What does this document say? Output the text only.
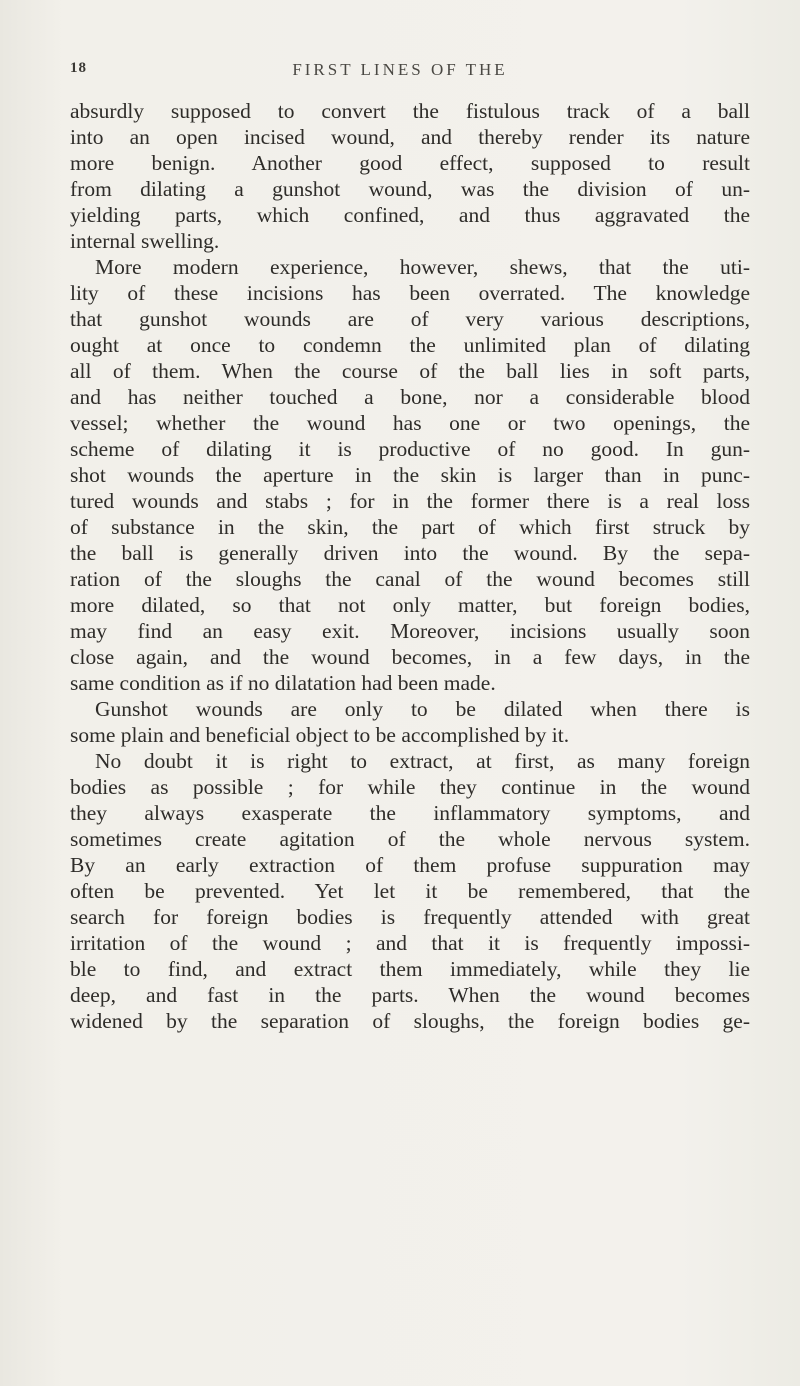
18	FIRST LINES OF THE
absurdly supposed to convert the fistulous track of a ball
into an open incised wound, and thereby render its nature
more benign. Another good effect, supposed to result
from dilating a gunshot wound, was the division of un-
yielding parts, which confined, and thus aggravated the
internal swelling.
More modern experience, however, shews, that the uti-
lity of these incisions has been overrated. The knowledge
that gunshot wounds are of very various descriptions,
ought at once to condemn the unlimited plan of dilating
all of them. When the course of the ball lies in soft parts,
and has neither touched a bone, nor a considerable blood
vessel; whether the wound has one or two openings, the
scheme of dilating it is productive of no good. In gun-
shot wounds the aperture in the skin is larger than in punc-
tured wounds and stabs ; for in the former there is a real loss
of substance in the skin, the part of which first struck by
the ball is generally driven into the wound. By the sepa-
ration of the sloughs the canal of the wound becomes still
more dilated, so that not only matter, but foreign bodies,
may find an easy exit. Moreover, incisions usually soon
close again, and the wound becomes, in a few days, in the
same condition as if no dilatation had been made.
Gunshot wounds are only to be dilated when there is
some plain and beneficial object to be accomplished by it.
No doubt it is right to extract, at first, as many foreign
bodies as possible ; for while they continue in the wound
they always exasperate the inflammatory symptoms, and
sometimes create agitation of the whole nervous system.
By an early extraction of them profuse suppuration may
often be prevented. Yet let it be remembered, that the
search for foreign bodies is frequently attended with great
irritation of the wound ; and that it is frequently impossi-
ble to find, and extract them immediately, while they lie
deep, and fast in the parts. When the wound becomes
widened by the separation of sloughs, the foreign bodies ge-
